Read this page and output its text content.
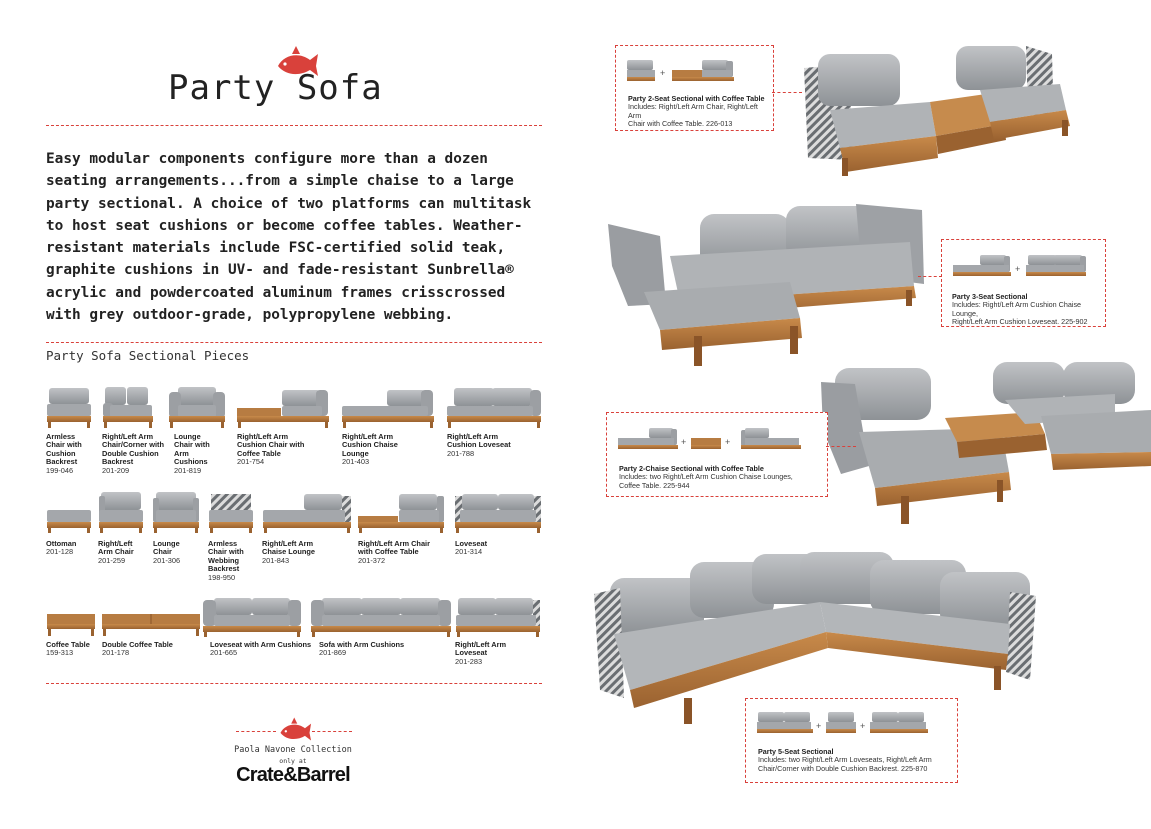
Party Sofa
Easy modular components configure more than a dozen
seating arrangements...from a simple chaise to a large
party sectional. A choice of two platforms can multitask
to host seat cushions or become coffee tables. Weather-
resistant materials include FSC-certified solid teak,
graphite cushions in UV- and fade-resistant Sunbrella®
acrylic and powdercoated aluminum frames crisscrossed
with grey outdoor-grade, polypropylene webbing.
Party Sofa Sectional Pieces
Armless
Chair with
Cushion
Backrest
199-046
Right/Left Arm
Chair/Corner with
Double Cushion
Backrest
201-209
Lounge
Chair with
Arm
Cushions
201-819
Right/Left Arm
Cushion Chair with
Coffee Table
201-754
Right/Left Arm
Cushion Chaise
Lounge
201-403
Right/Left Arm
Cushion Loveseat
201-788
Ottoman
201-128
Right/Left
Arm Chair
201-259
Lounge
Chair
201-306
Armless
Chair with
Webbing
Backrest
198-950
Right/Left Arm
Chaise Lounge
201-843
Right/Left Arm Chair
with Coffee Table
201-372
Loveseat
201-314
Coffee Table
159-313
Double Coffee Table
201-178
Loveseat with Arm Cushions
201-665
Sofa with Arm Cushions
201-869
Right/Left Arm
Loveseat
201-283
Paola Navone Collection
only at
Crate&Barrel
+
Party 2-Seat Sectional with Coffee Table
Includes: Right/Left Arm Chair, Right/Left Arm
Chair with Coffee Table. 226-013
+
Party 3-Seat Sectional
Includes: Right/Left Arm Cushion Chaise Lounge,
Right/Left Arm Cushion Loveseat. 225-902
+	+
Party 2-Chaise Sectional with Coffee Table
Includes: two Right/Left Arm Cushion Chaise Lounges,
Coffee Table. 225-944
+	+
Party 5-Seat Sectional
Includes: two Right/Left Arm Loveseats, Right/Left Arm
Chair/Corner with Double Cushion Backrest. 225-870
